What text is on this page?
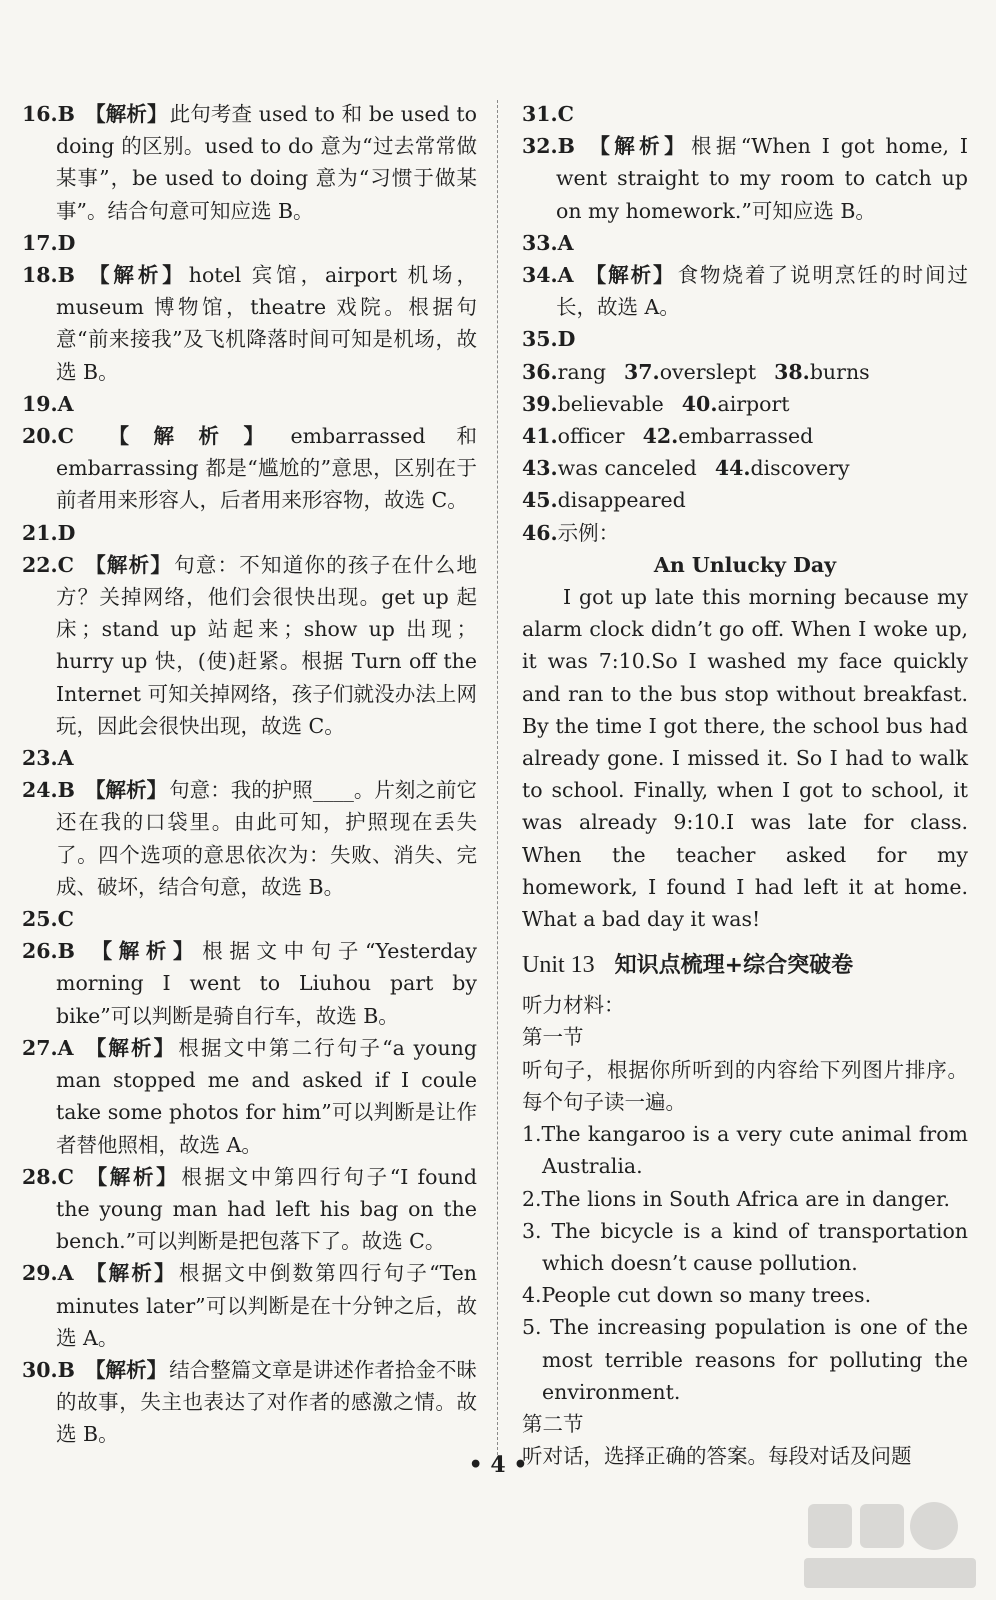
16.B 【解析】此句考查 used to 和 be used to doing 的区别。used to do 意为“过去常常做某事”，be used to doing 意为“习惯于做某事”。结合句意可知应选 B。
17.D
18.B 【解析】hotel 宾馆，airport 机场，museum 博物馆，theatre 戏院。根据句意“前来接我”及飞机降落时间可知是机场，故选 B。
19.A
20.C 【解析】embarrassed 和 embarrassing 都是“尴尬的”意思，区别在于前者用来形容人，后者用来形容物，故选 C。
21.D
22.C 【解析】句意：不知道你的孩子在什么地方？关掉网络，他们会很快出现。get up 起床；stand up 站起来；show up 出现；hurry up 快，(使)赶紧。根据 Turn off the Internet 可知关掉网络，孩子们就没办法上网玩，因此会很快出现，故选 C。
23.A
24.B 【解析】句意：我的护照____。片刻之前它还在我的口袋里。由此可知，护照现在丢失了。四个选项的意思依次为：失败、消失、完成、破坏，结合句意，故选 B。
25.C
26.B 【解析】根据文中句子“Yesterday morning I went to Liuhou part by bike”可以判断是骑自行车，故选 B。
27.A 【解析】根据文中第二行句子“a young man stopped me and asked if I coule take some photos for him”可以判断是让作者替他照相，故选 A。
28.C 【解析】根据文中第四行句子“I found the young man had left his bag on the bench.”可以判断是把包落下了。故选 C。
29.A 【解析】根据文中倒数第四行句子“Ten minutes later”可以判断是在十分钟之后，故选 A。
30.B 【解析】结合整篇文章是讲述作者拾金不昧的故事，失主也表达了对作者的感激之情。故选 B。
31.C
32.B 【解析】根据“When I got home, I went straight to my room to catch up on my homework.”可知应选 B。
33.A
34.A 【解析】食物烧着了说明烹饪的时间过长，故选 A。
35.D
36.rang 37.overslept 38.burns
39.believable 40.airport
41.officer 42.embarrassed
43.was canceled 44.discovery
45.disappeared
46.示例：
An Unlucky Day
I got up late this morning because my alarm clock didn’t go off. When I woke up, it was 7:10.So I washed my face quickly and ran to the bus stop without breakfast. By the time I got there, the school bus had already gone. I missed it. So I had to walk to school. Finally, when I got to school, it was already 9:10.I was late for class. When the teacher asked for my homework, I found I had left it at home. What a bad day it was!
Unit 13 知识点梳理+综合突破卷
听力材料：
第一节
听句子，根据你所听到的内容给下列图片排序。每个句子读一遍。
1.The kangaroo is a very cute animal from Australia.
2.The lions in South Africa are in danger.
3. The bicycle is a kind of transportation which doesn’t cause pollution.
4.People cut down so many trees.
5. The increasing population is one of the most terrible reasons for polluting the environment.
第二节
听对话，选择正确的答案。每段对话及问题
• 4 •
